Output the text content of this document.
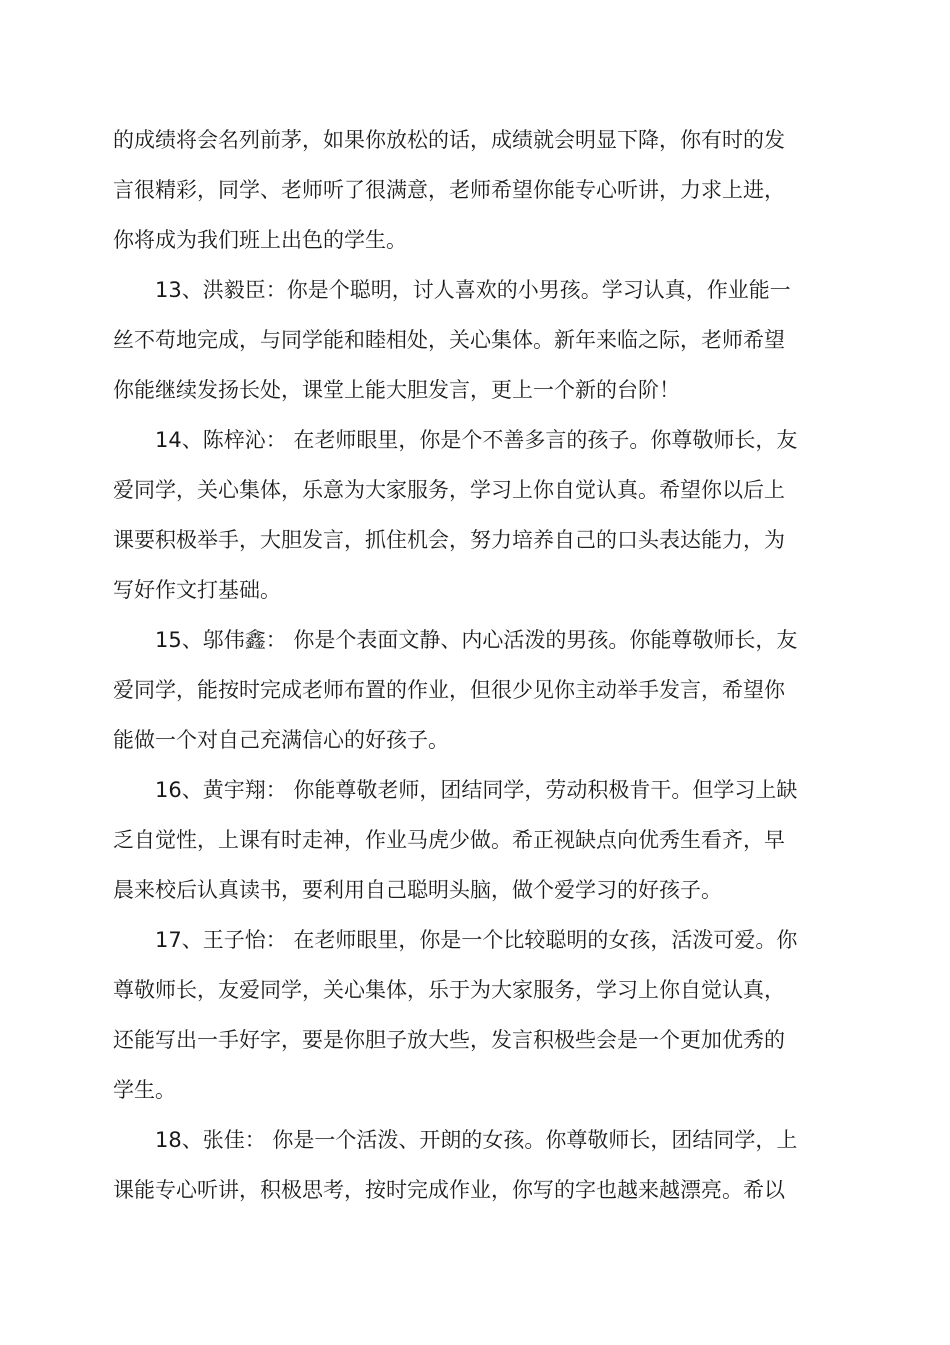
的成绩将会名列前茅，如果你放松的话，成绩就会明显下降，你有时的发
言很精彩，同学、老师听了很满意，老师希望你能专心听讲，力求上进，
你将成为我们班上出色的学生。
13、洪毅臣：你是个聪明，讨人喜欢的小男孩。学习认真，作业能一
丝不苟地完成，与同学能和睦相处，关心集体。新年来临之际，老师希望
你能继续发扬长处，课堂上能大胆发言，更上一个新的台阶！
14、陈梓沁： 在老师眼里，你是个不善多言的孩子。你尊敬师长，友
爱同学，关心集体，乐意为大家服务，学习上你自觉认真。希望你以后上
课要积极举手，大胆发言，抓住机会，努力培养自己的口头表达能力，为
写好作文打基础。
15、邬伟鑫： 你是个表面文静、内心活泼的男孩。你能尊敬师长，友
爱同学，能按时完成老师布置的作业，但很少见你主动举手发言，希望你
能做一个对自己充满信心的好孩子。
16、黄宇翔： 你能尊敬老师，团结同学，劳动积极肯干。但学习上缺
乏自觉性，上课有时走神，作业马虎少做。希正视缺点向优秀生看齐，早
晨来校后认真读书，要利用自己聪明头脑，做个爱学习的好孩子。
17、王子怡： 在老师眼里，你是一个比较聪明的女孩，活泼可爱。你
尊敬师长，友爱同学，关心集体，乐于为大家服务，学习上你自觉认真，
还能写出一手好字，要是你胆子放大些，发言积极些会是一个更加优秀的
学生。
18、张佳： 你是一个活泼、开朗的女孩。你尊敬师长，团结同学，上
课能专心听讲，积极思考，按时完成作业，你写的字也越来越漂亮。希以
